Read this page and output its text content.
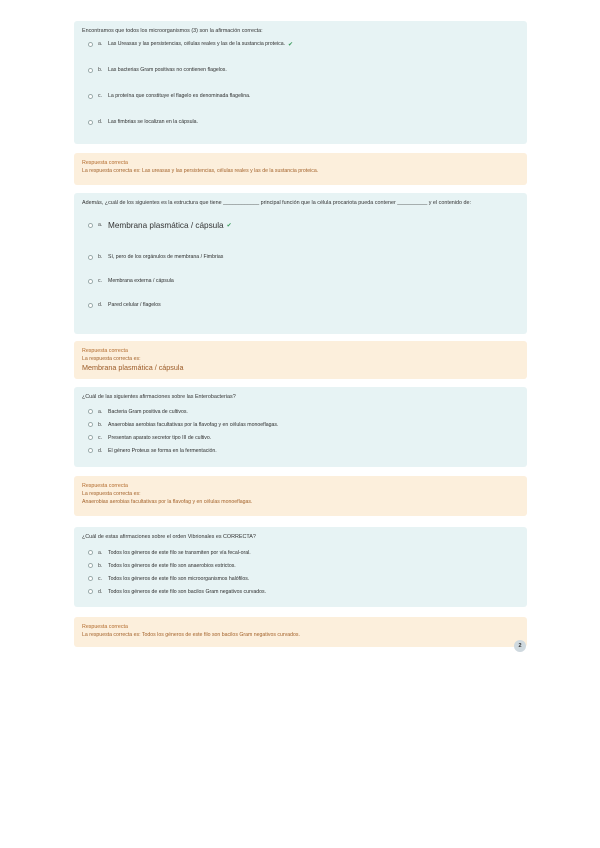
Encontramos que todos los microorganismos (3) son la afirmación correcta:
a.	Las Ureasas y las persistencias, células reales y las de la sustancia proteica. ✔
b.	Las bacterias Gram positivas no contienen flagelos.
c.	La proteína que constituye el flagelo es denominada flagelina.
d.	Las fimbrias se localizan en la cápsula.
Respuesta correcta
La respuesta correcta es: Las ureasas y las persistencias, células reales y las de la sustancia proteica.
Además, ¿cuál de los siguientes es la estructura que tiene ____________ principal función que la célula procariota pueda contener __________ y el contenido de:
a. Membrana plasmática / cápsula ✔
b.	Sí, pero de los orgánulos de membrana / Fimbrias
c.	Membrana externa / cápsula
d.	Pared celular / flagelos
Respuesta correcta
La respuesta correcta es:
Membrana plasmática / cápsula
¿Cuál de las siguientes afirmaciones sobre las Enterobacterias?
a.	Bacteria Gram positiva de cultivos.
b.	Anaerobias aerobias facultativas por la flavofag y en células monoeflagas.
c.	Presentan aparato secretor tipo III de cultivo.
d.	El género Proteus se forma en la fermentación.
Respuesta correcta
La respuesta correcta es:
Anaerobias aerobias facultativas por la flavofag y en células monoeflagas.
¿Cuál de estas afirmaciones sobre el orden Vibrionales es CORRECTA?
a.	Todos los géneros de este filo se transmiten por vía fecal-oral.
b.	Todos los géneros de este filo son anaerobios estrictos.
c.	Todos los géneros de este filo son microorganismos halófilos.
d.	Todos los géneros de este filo son bacilos Gram negativos curvados.
Respuesta correcta
La respuesta correcta es: Todos los géneros de este filo son bacilos Gram negativos curvados.
2
